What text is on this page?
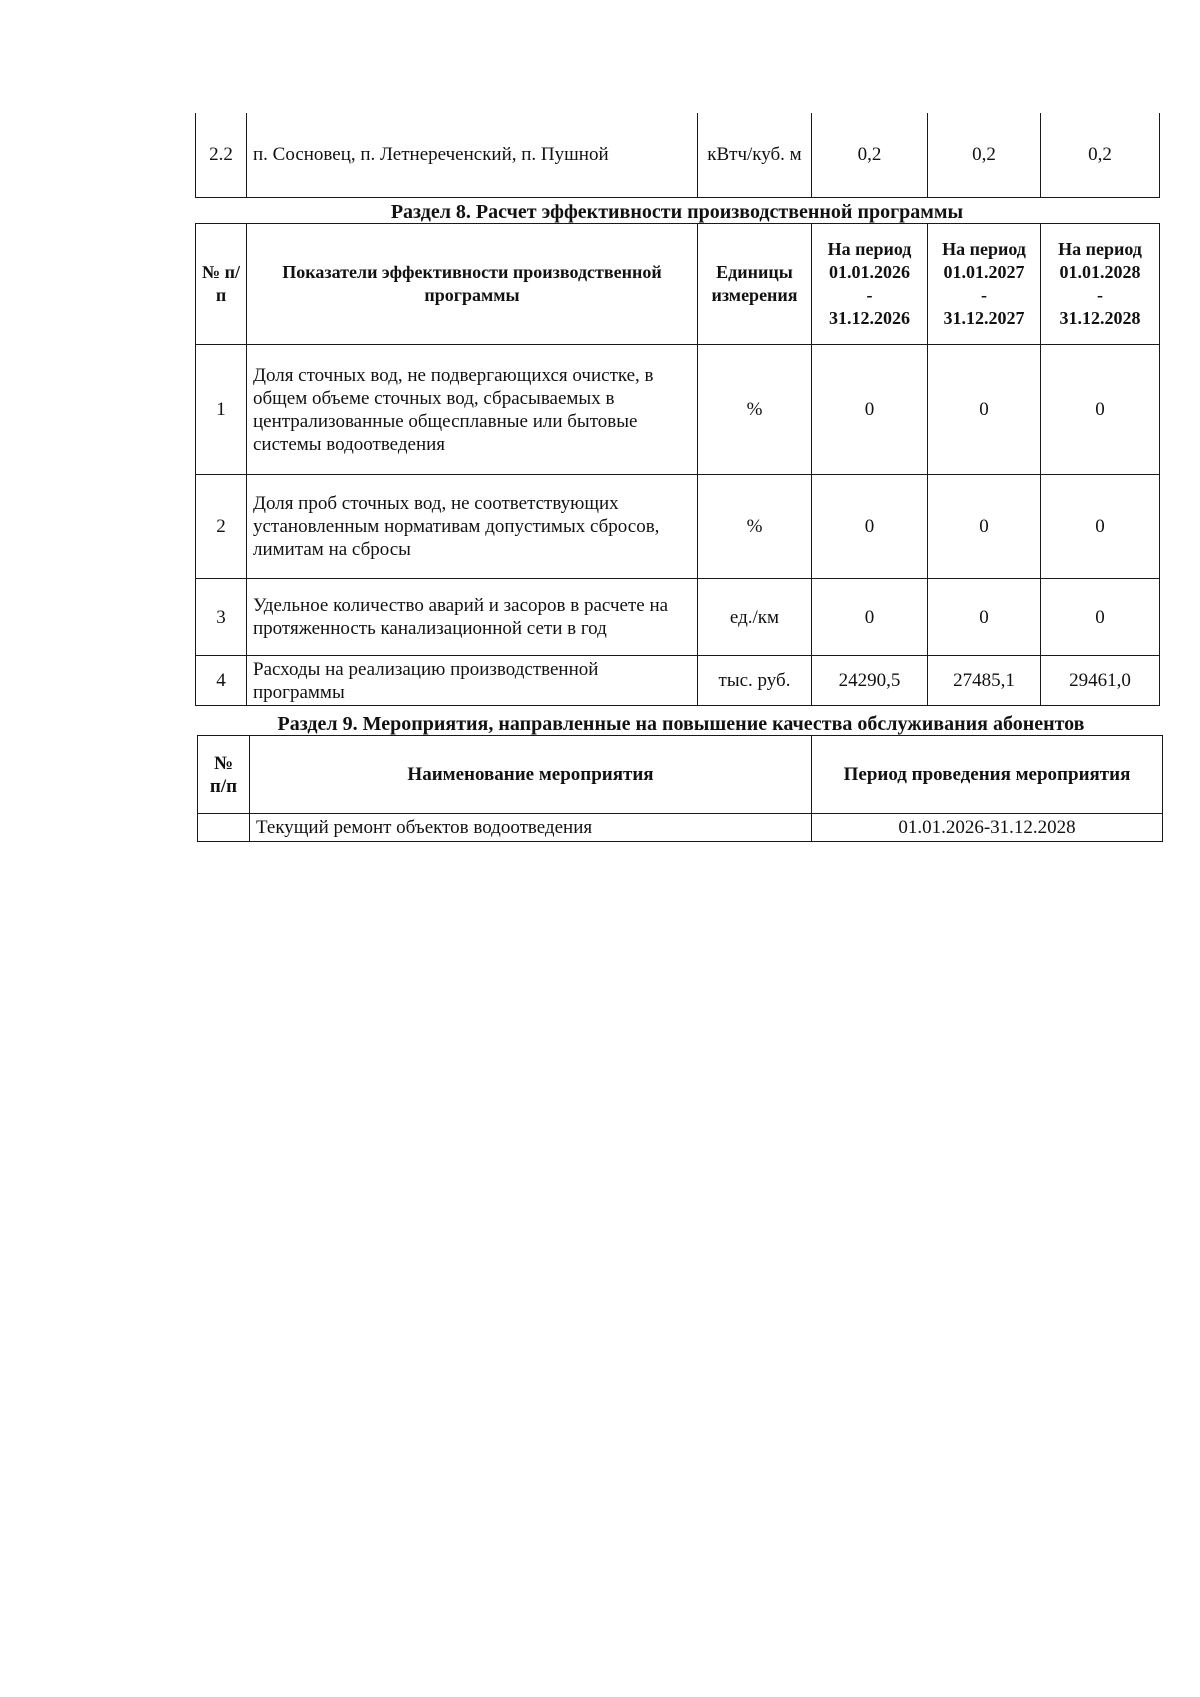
2.2	п. Сосновец, п. Летнереченский, п. Пушной	кВтч/куб. м	0,2	0,2	0,2
Раздел 8. Расчет эффективности производственной программы
№ п/п	Показатели эффективности производственной программы	Единицы измерения	На период
01.01.2026
-
31.12.2026	На период
01.01.2027
-
31.12.2027	На период
01.01.2028
-
31.12.2028

1	Доля сточных вод, не подвергающихся очистке, в общем объеме сточных вод, сбрасываемых в централизованные общесплавные или бытовые системы водоотведения	%	0	0	0
2	Доля проб сточных вод, не соответствующих установленным нормативам допустимых сбросов, лимитам на сбросы	%	0	0	0
3	Удельное количество аварий и засоров в расчете на протяженность канализационной сети в год	ед./км	0	0	0
4	Расходы на реализацию производственной программы	тыс. руб.	24290,5	27485,1	29461,0
Раздел 9. Мероприятия, направленные на повышение качества обслуживания абонентов
№ п/п	Наименование мероприятия	Период проведения мероприятия
	Текущий ремонт объектов водоотведения	01.01.2026-31.12.2028
